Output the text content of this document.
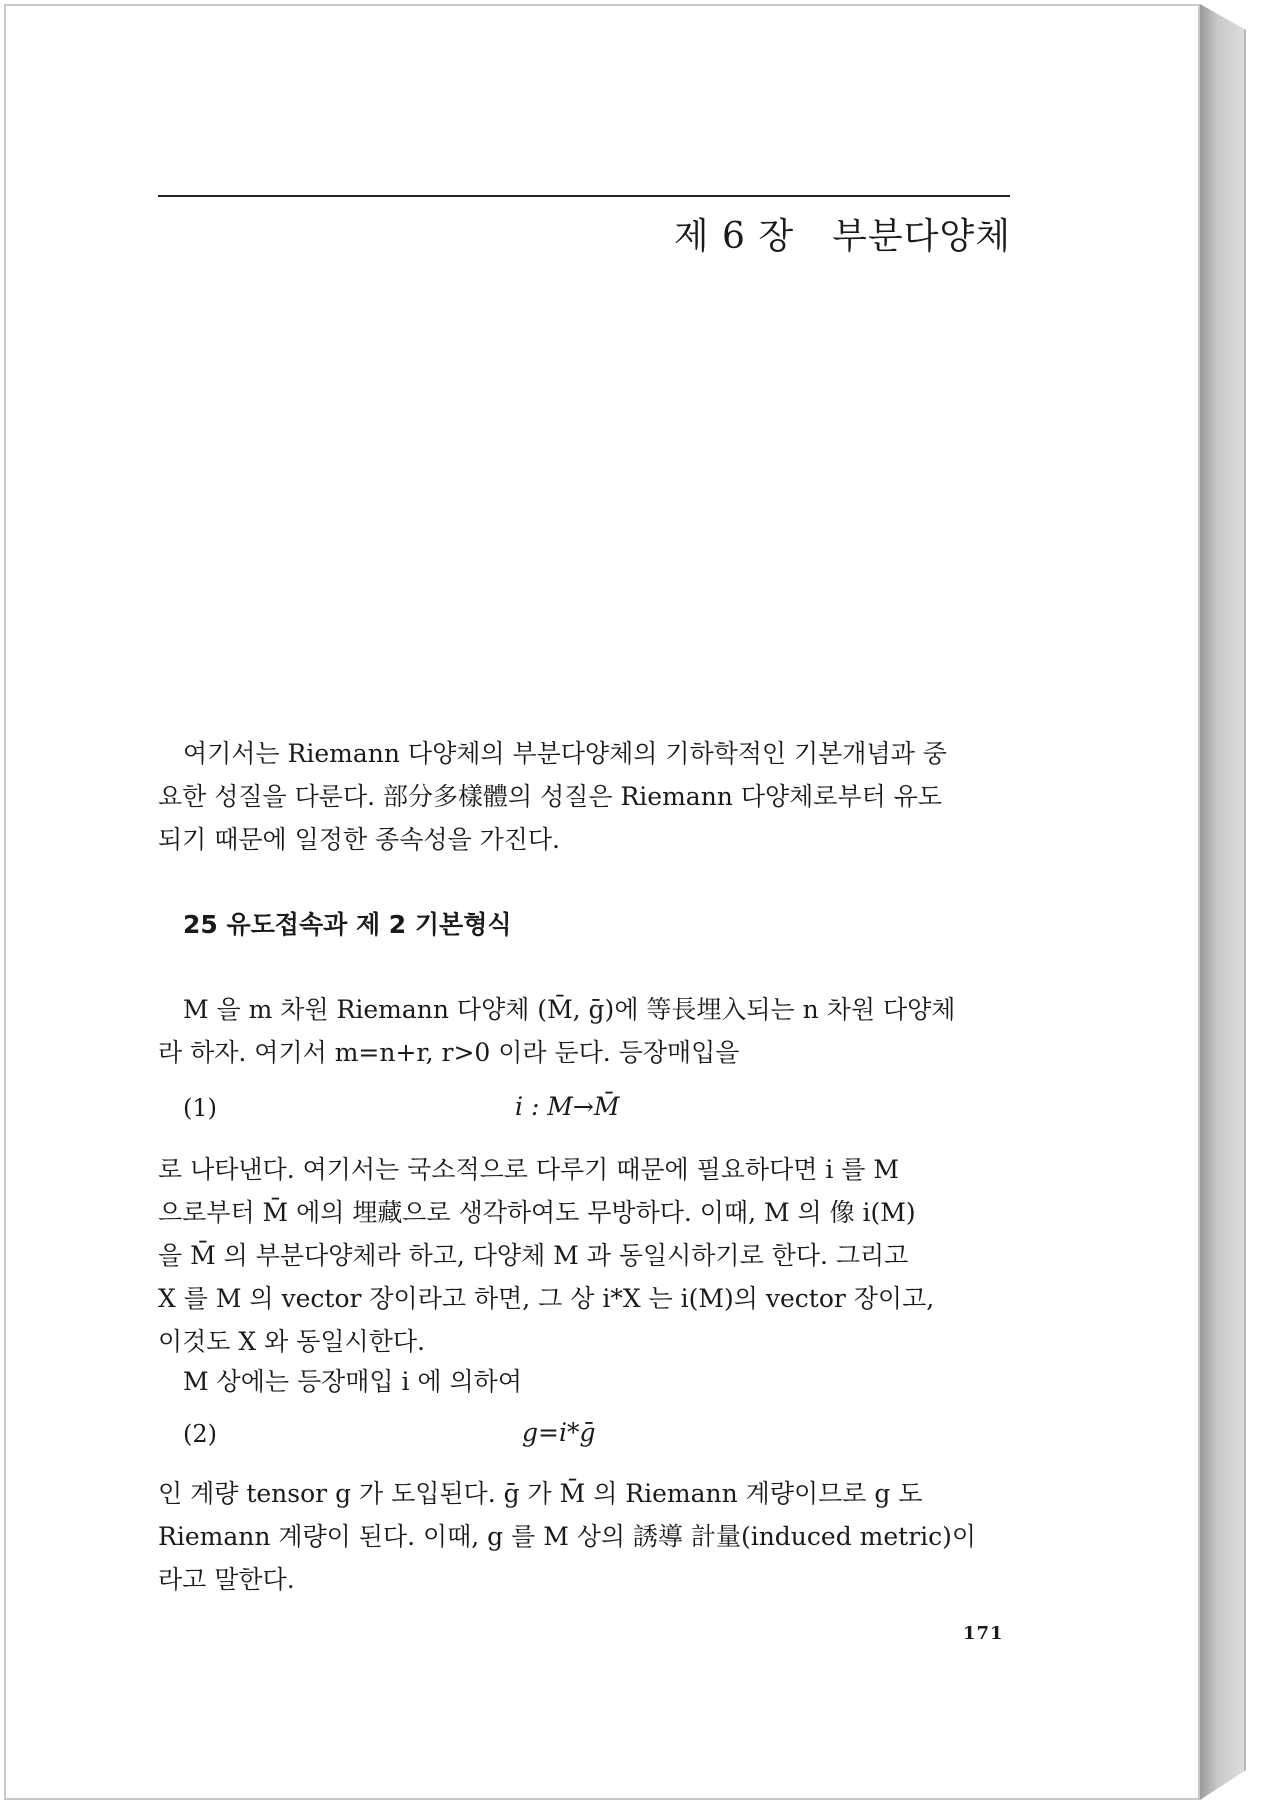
제 6 장 부분다양체
여기서는 Riemann 다양체의 부분다양체의 기하학적인 기본개념과 중
요한 성질을 다룬다. 部分多樣體의 성질은 Riemann 다양체로부터 유도
되기 때문에 일정한 종속성을 가진다.
25 유도접속과 제 2 기본형식
M 을 m 차원 Riemann 다양체 (M̄, ḡ)에 等長埋入되는 n 차원 다양체
라 하자. 여기서 m=n+r, r>0 이라 둔다. 등장매입을
(1)	i : M→M̄
로 나타낸다. 여기서는 국소적으로 다루기 때문에 필요하다면 i 를 M
으로부터 M̄ 에의 埋藏으로 생각하여도 무방하다. 이때, M 의 像 i(M)
을 M̄ 의 부분다양체라 하고, 다양체 M 과 동일시하기로 한다. 그리고
X 를 M 의 vector 장이라고 하면, 그 상 i*X 는 i(M)의 vector 장이고,
이것도 X 와 동일시한다.
M 상에는 등장매입 i 에 의하여
(2)	g=i*ḡ
인 계량 tensor g 가 도입된다. ḡ 가 M̄ 의 Riemann 계량이므로 g 도
Riemann 계량이 된다. 이때, g 를 M 상의 誘導 計量(induced metric)이
라고 말한다.
171
